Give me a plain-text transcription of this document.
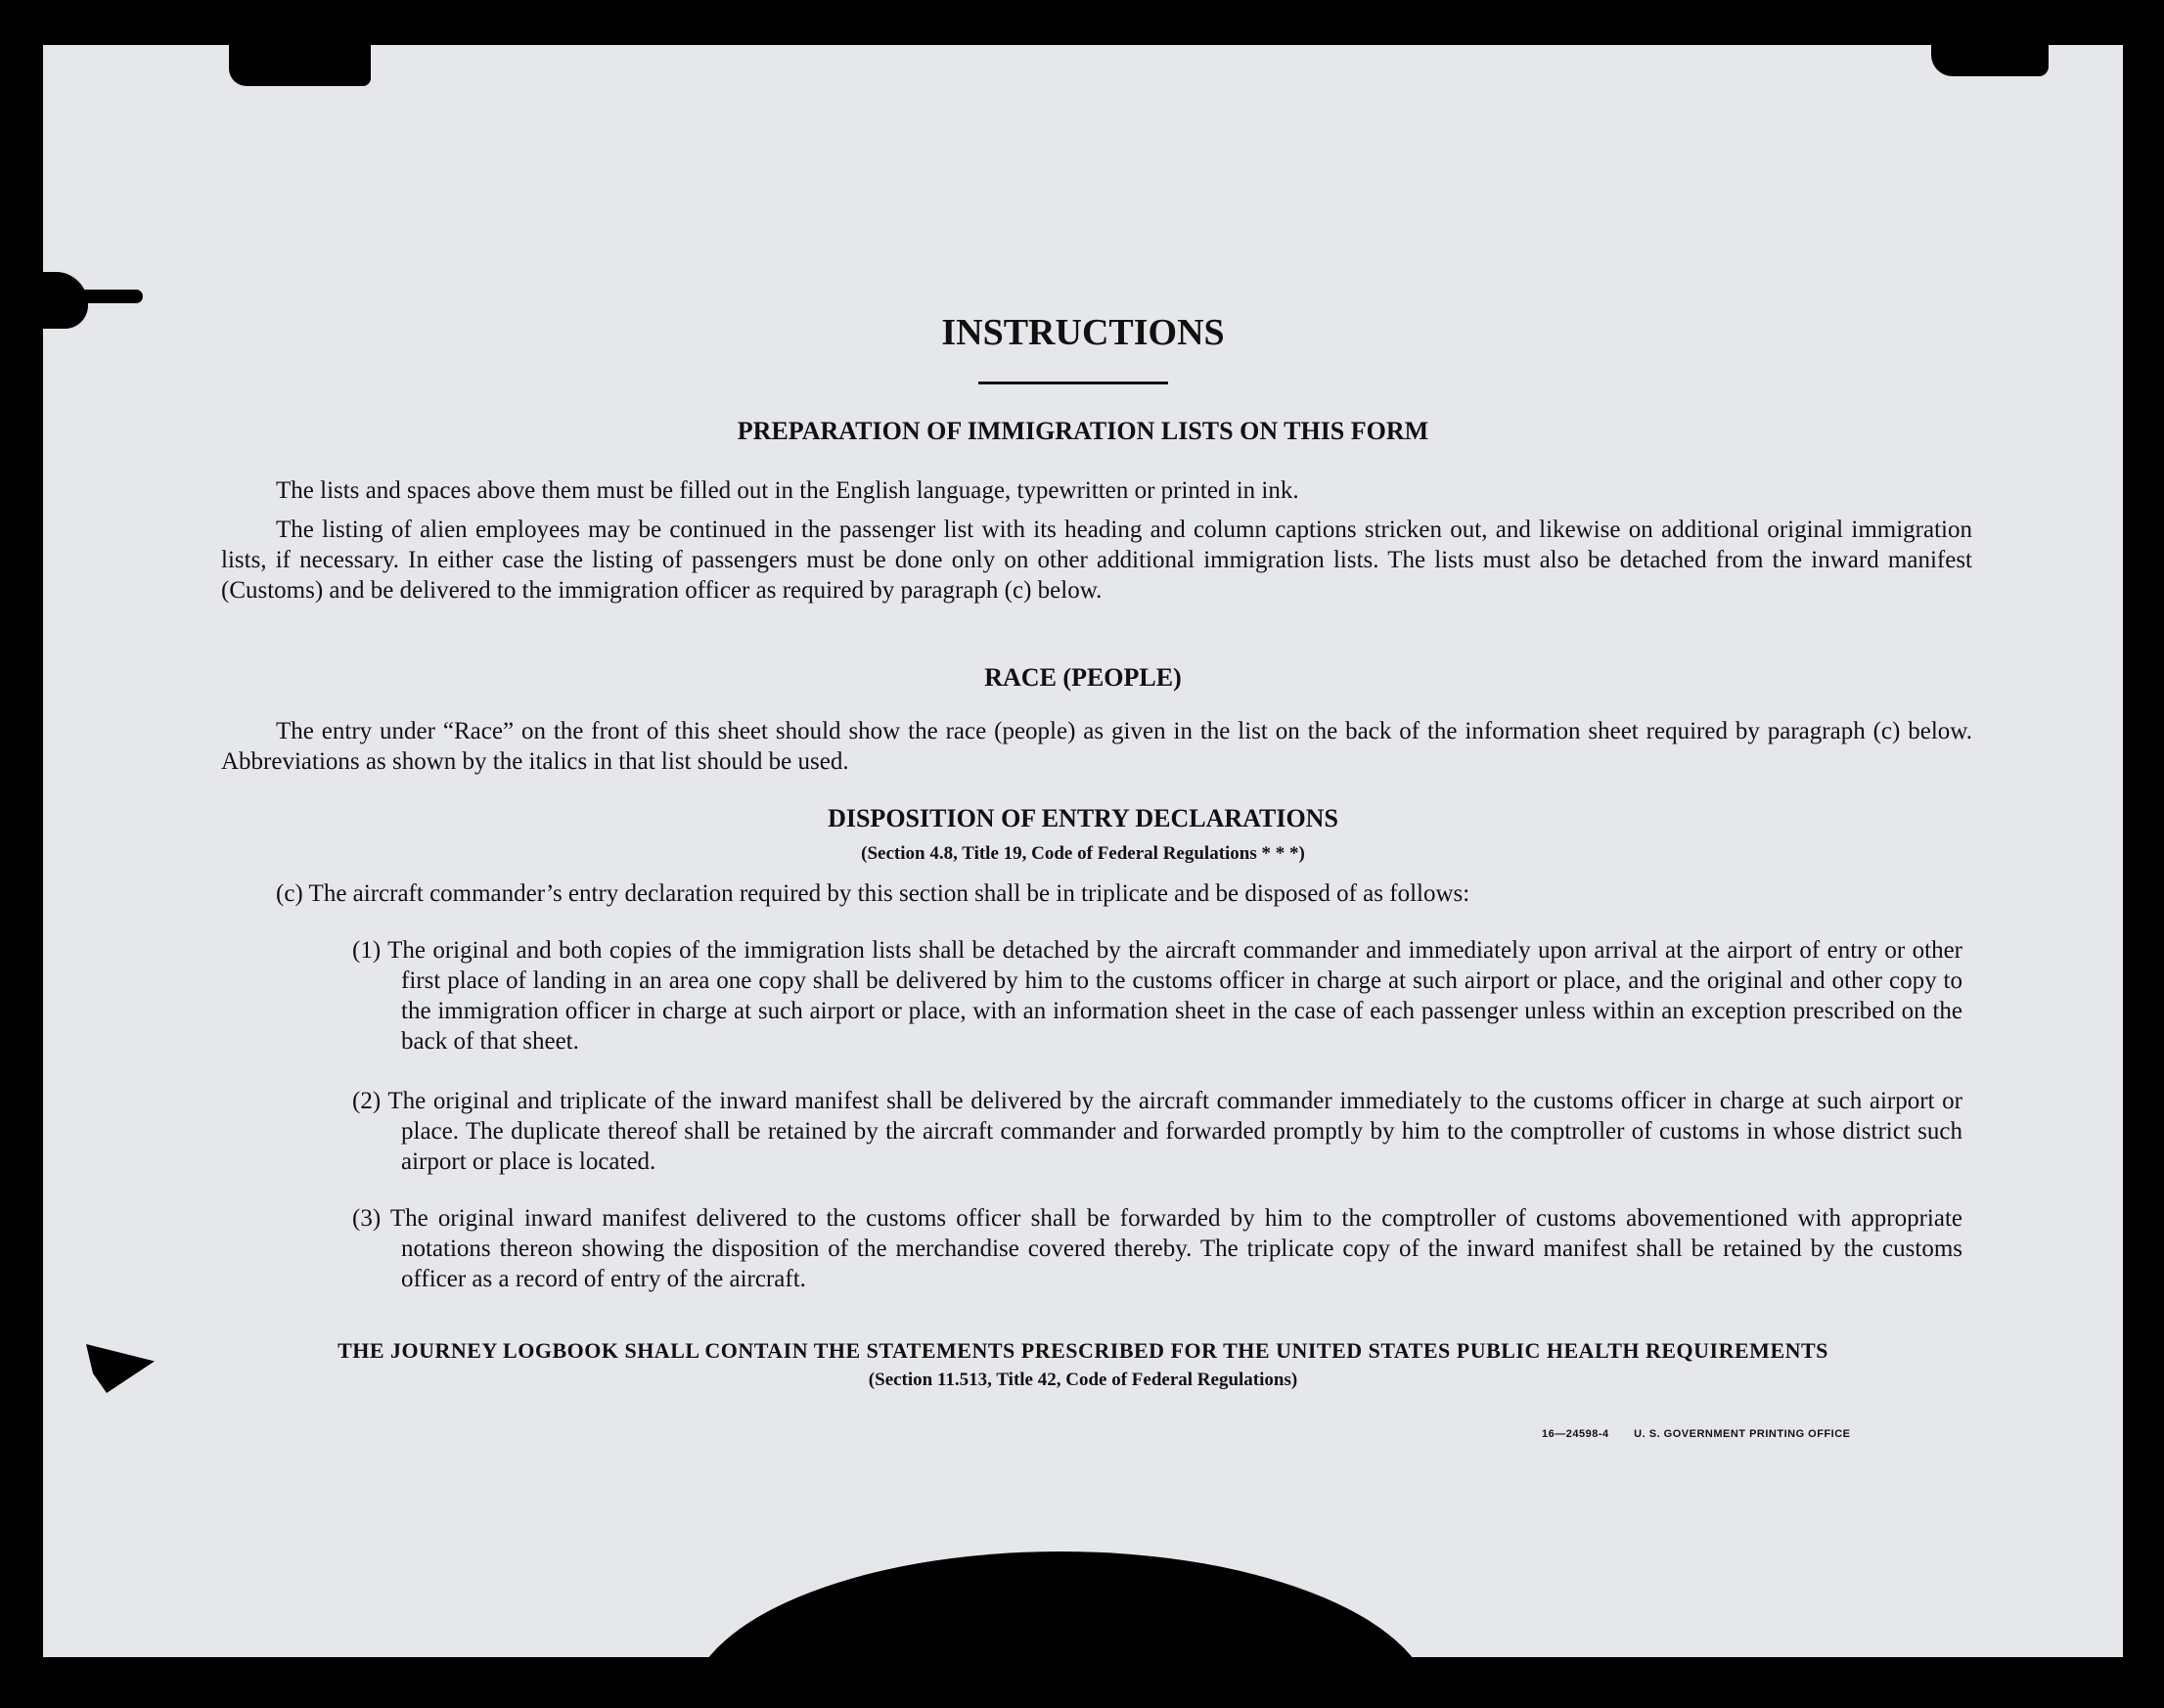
INSTRUCTIONS
PREPARATION OF IMMIGRATION LISTS ON THIS FORM

The lists and spaces above them must be filled out in the English language, typewritten or printed in ink.

The listing of alien employees may be continued in the passenger list with its heading and column captions stricken out, and likewise on additional original immigration lists, if necessary. In either case the listing of passengers must be done only on other additional immigration lists. The lists must also be detached from the inward manifest (Customs) and be delivered to the immigration officer as required by paragraph (c) below.

RACE (PEOPLE)

The entry under “Race” on the front of this sheet should show the race (people) as given in the list on the back of the information sheet required by paragraph (c) below. Abbreviations as shown by the italics in that list should be used.

DISPOSITION OF ENTRY DECLARATIONS
(Section 4.8, Title 19, Code of Federal Regulations * * *)

(c) The aircraft commander’s entry declaration required by this section shall be in triplicate and be disposed of as follows:

(1) The original and both copies of the immigration lists shall be detached by the aircraft commander and immediately upon arrival at the airport of entry or other first place of landing in an area one copy shall be delivered by him to the customs officer in charge at such airport or place, and the original and other copy to the immigration officer in charge at such airport or place, with an information sheet in the case of each passenger unless within an exception prescribed on the back of that sheet.

(2) The original and triplicate of the inward manifest shall be delivered by the aircraft commander immediately to the customs officer in charge at such airport or place. The duplicate thereof shall be retained by the aircraft commander and forwarded promptly by him to the comptroller of customs in whose district such airport or place is located.

(3) The original inward manifest delivered to the customs officer shall be forwarded by him to the comptroller of customs abovementioned with appropriate notations thereon showing the disposition of the merchandise covered thereby. The triplicate copy of the inward manifest shall be retained by the customs officer as a record of entry of the aircraft.

THE JOURNEY LOGBOOK SHALL CONTAIN THE STATEMENTS PRESCRIBED FOR THE UNITED STATES PUBLIC HEALTH REQUIREMENTS
(Section 11.513, Title 42, Code of Federal Regulations)
16—24598-4 U. S. GOVERNMENT PRINTING OFFICE
